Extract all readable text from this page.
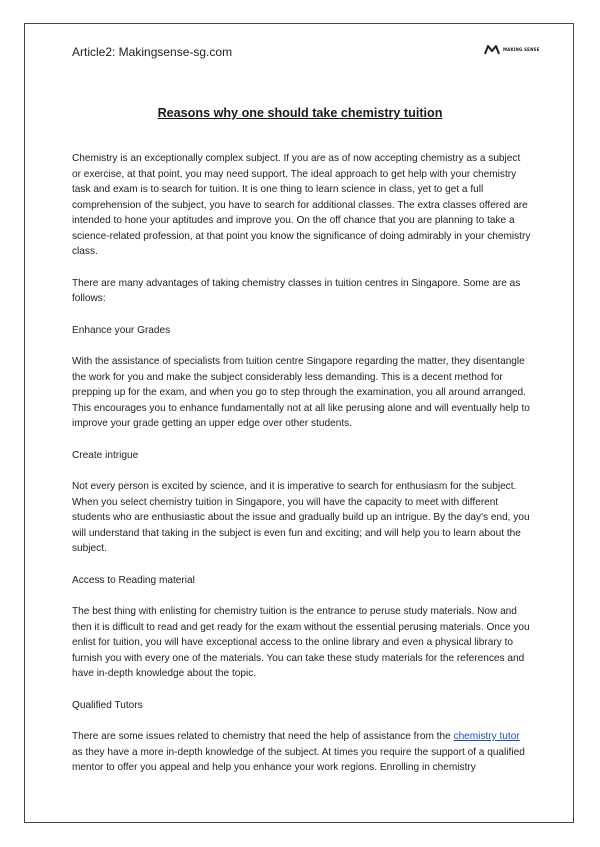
Article2: Makingsense-sg.com	MAKING SENSE
Reasons why one should take chemistry tuition

Chemistry is an exceptionally complex subject. If you are as of now accepting chemistry as a subject or exercise, at that point, you may need support. The ideal approach to get help with your chemistry task and exam is to search for tuition. It is one thing to learn science in class, yet to get a full comprehension of the subject, you have to search for additional classes. The extra classes offered are intended to hone your aptitudes and improve you. On the off chance that you are planning to take a science-related profession, at that point you know the significance of doing admirably in your chemistry class.

There are many advantages of taking chemistry classes in tuition centres in Singapore. Some are as follows:

Enhance your Grades

With the assistance of specialists from tuition centre Singapore regarding the matter, they disentangle the work for you and make the subject considerably less demanding. This is a decent method for prepping up for the exam, and when you go to step through the examination, you all around arranged. This encourages you to enhance fundamentally not at all like perusing alone and will eventually help to improve your grade getting an upper edge over other students.

Create intrigue

Not every person is excited by science, and it is imperative to search for enthusiasm for the subject. When you select chemistry tuition in Singapore, you will have the capacity to meet with different students who are enthusiastic about the issue and gradually build up an intrigue. By the day's end, you will understand that taking in the subject is even fun and exciting; and will help you to learn about the subject.

Access to Reading material

The best thing with enlisting for chemistry tuition is the entrance to peruse study materials. Now and then it is difficult to read and get ready for the exam without the essential perusing materials. Once you enlist for tuition, you will have exceptional access to the online library and even a physical library to furnish you with every one of the materials. You can take these study materials for the references and have in-depth knowledge about the topic.

Qualified Tutors

There are some issues related to chemistry that need the help of assistance from the chemistry tutor as they have a more in-depth knowledge of the subject. At times you require the support of a qualified mentor to offer you appeal and help you enhance your work regions. Enrolling in chemistry
